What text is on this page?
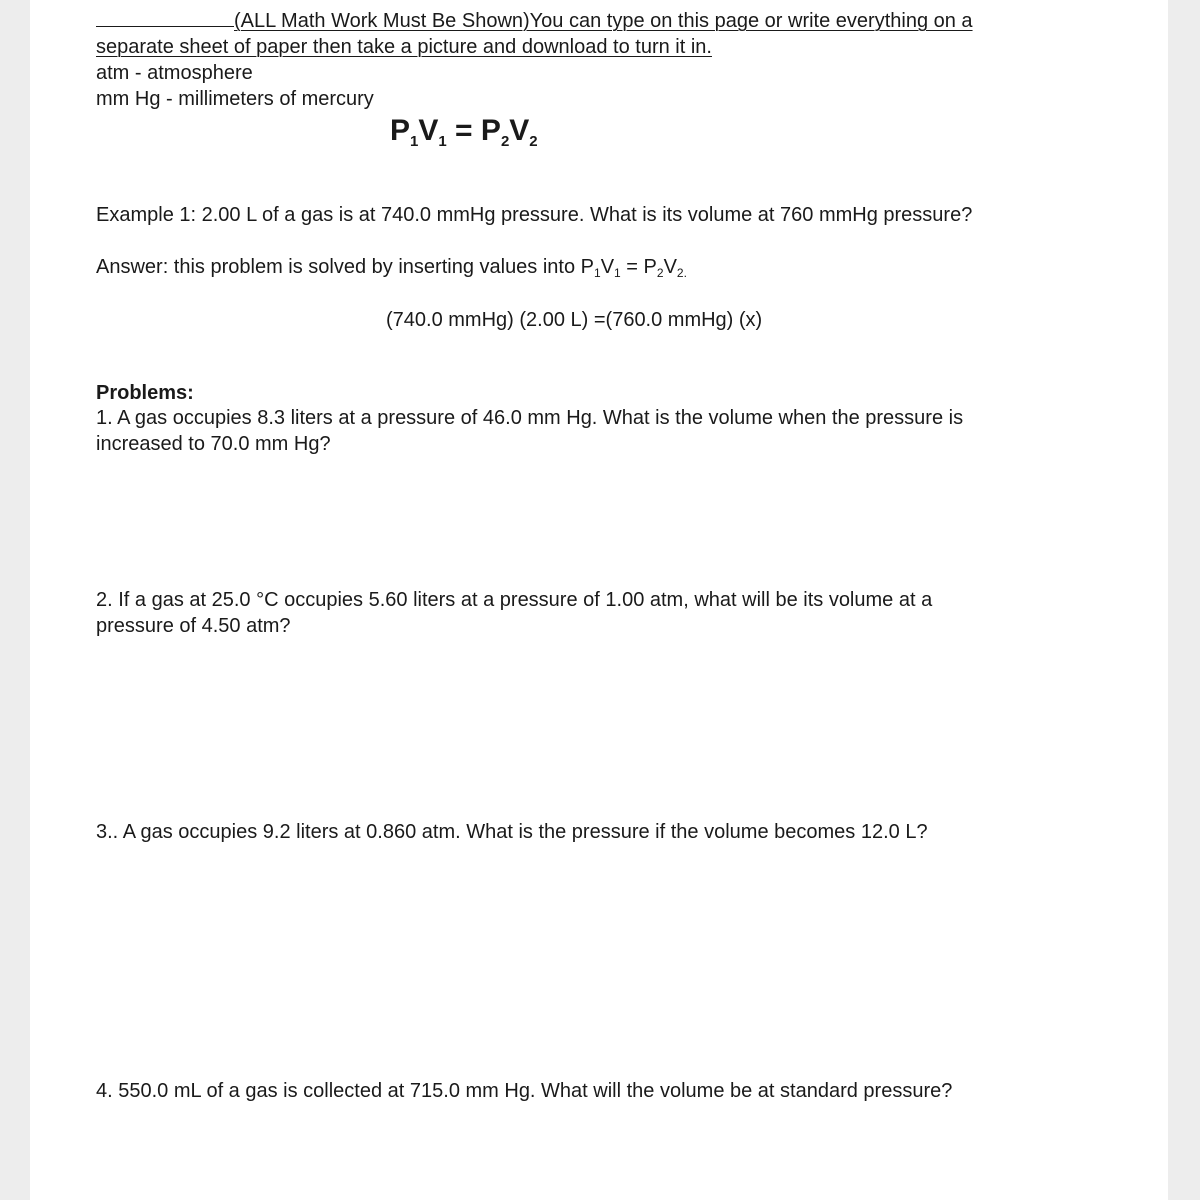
(ALL Math Work Must Be Shown)You can type on this page or write everything on a
separate sheet of paper then take a picture and download to turn it in.
atm - atmosphere
mm Hg - millimeters of mercury
$P_1V_1 = P_2V_2$
Example 1: 2.00 L of a gas is at 740.0 mmHg pressure. What is its volume at 760 mmHg pressure?
Answer: this problem is solved by inserting values into $P_1V_1 = P_2V_{2.}$
(740.0 mmHg) (2.00 L) =(760.0 mmHg) (x)
Problems:
1. A gas occupies 8.3 liters at a pressure of 46.0 mm Hg. What is the volume when the pressure is
increased to 70.0 mm Hg?
2. If a gas at 25.0 °C occupies 5.60 liters at a pressure of 1.00 atm, what will be its volume at a
pressure of 4.50 atm?
3.. A gas occupies 9.2 liters at 0.860 atm. What is the pressure if the volume becomes 12.0 L?
4. 550.0 mL of a gas is collected at 715.0 mm Hg. What will the volume be at standard pressure?
